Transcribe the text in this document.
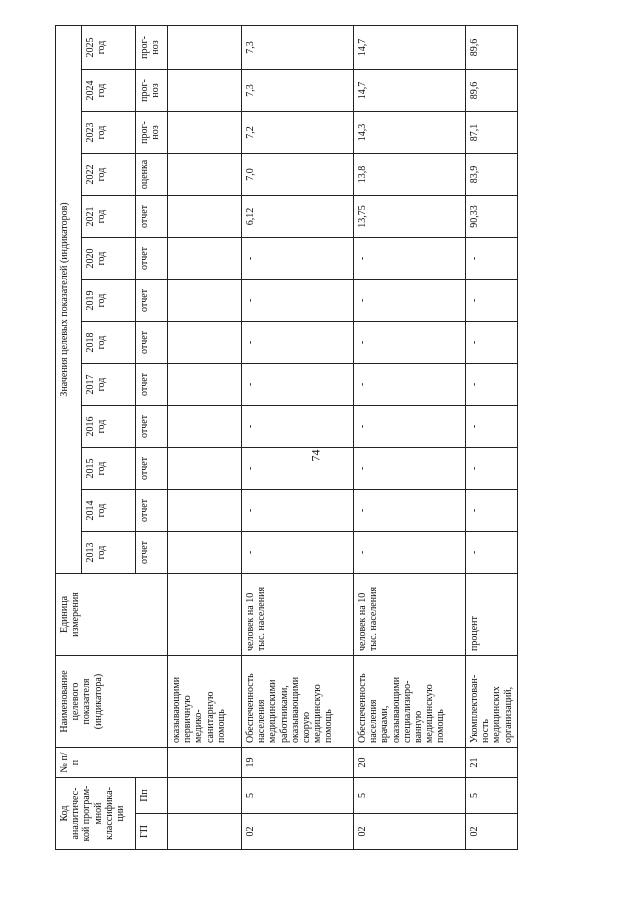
74
Код аналитичес-кой програм-мной классифика-ции		№ п/п	Наименование целевого показателя (индикатора)	Единица измерения	Значения целевых показателей (индикаторов)												
					2013 год	2014 год	2015 год	2016 год	2017 год	2018 год	2019 год	2020 год	2021 год	2022 год	2023 год	2024 год	2025 год
ГП	Пп				отчет	отчет	отчет	отчет	отчет	отчет	отчет	отчет	отчет	оценка	прог-ноз	прог-ноз	прог-ноз
			оказывающими первичную медико-санитарную помощь														
02	5	19	Обеспеченность населения медицинскими работниками, оказывающими скорую медицинскую помощь	человек на 10 тыс. населения	-	-	-	-	-	-	-	-	6,12	7,0	7,2	7,3	7,3
02	5	20	Обеспеченность населения врачами, оказывающими специализиро-ванную медицинскую помощь	человек на 10 тыс. населения	-	-	-	-	-	-	-	-	13,75	13,8	14,3	14,7	14,7
02	5	21	Укомплектован-ность медицинских организаций,	процент	-	-	-	-	-	-	-	-	90,33	83,9	87,1	89,6	89,6
